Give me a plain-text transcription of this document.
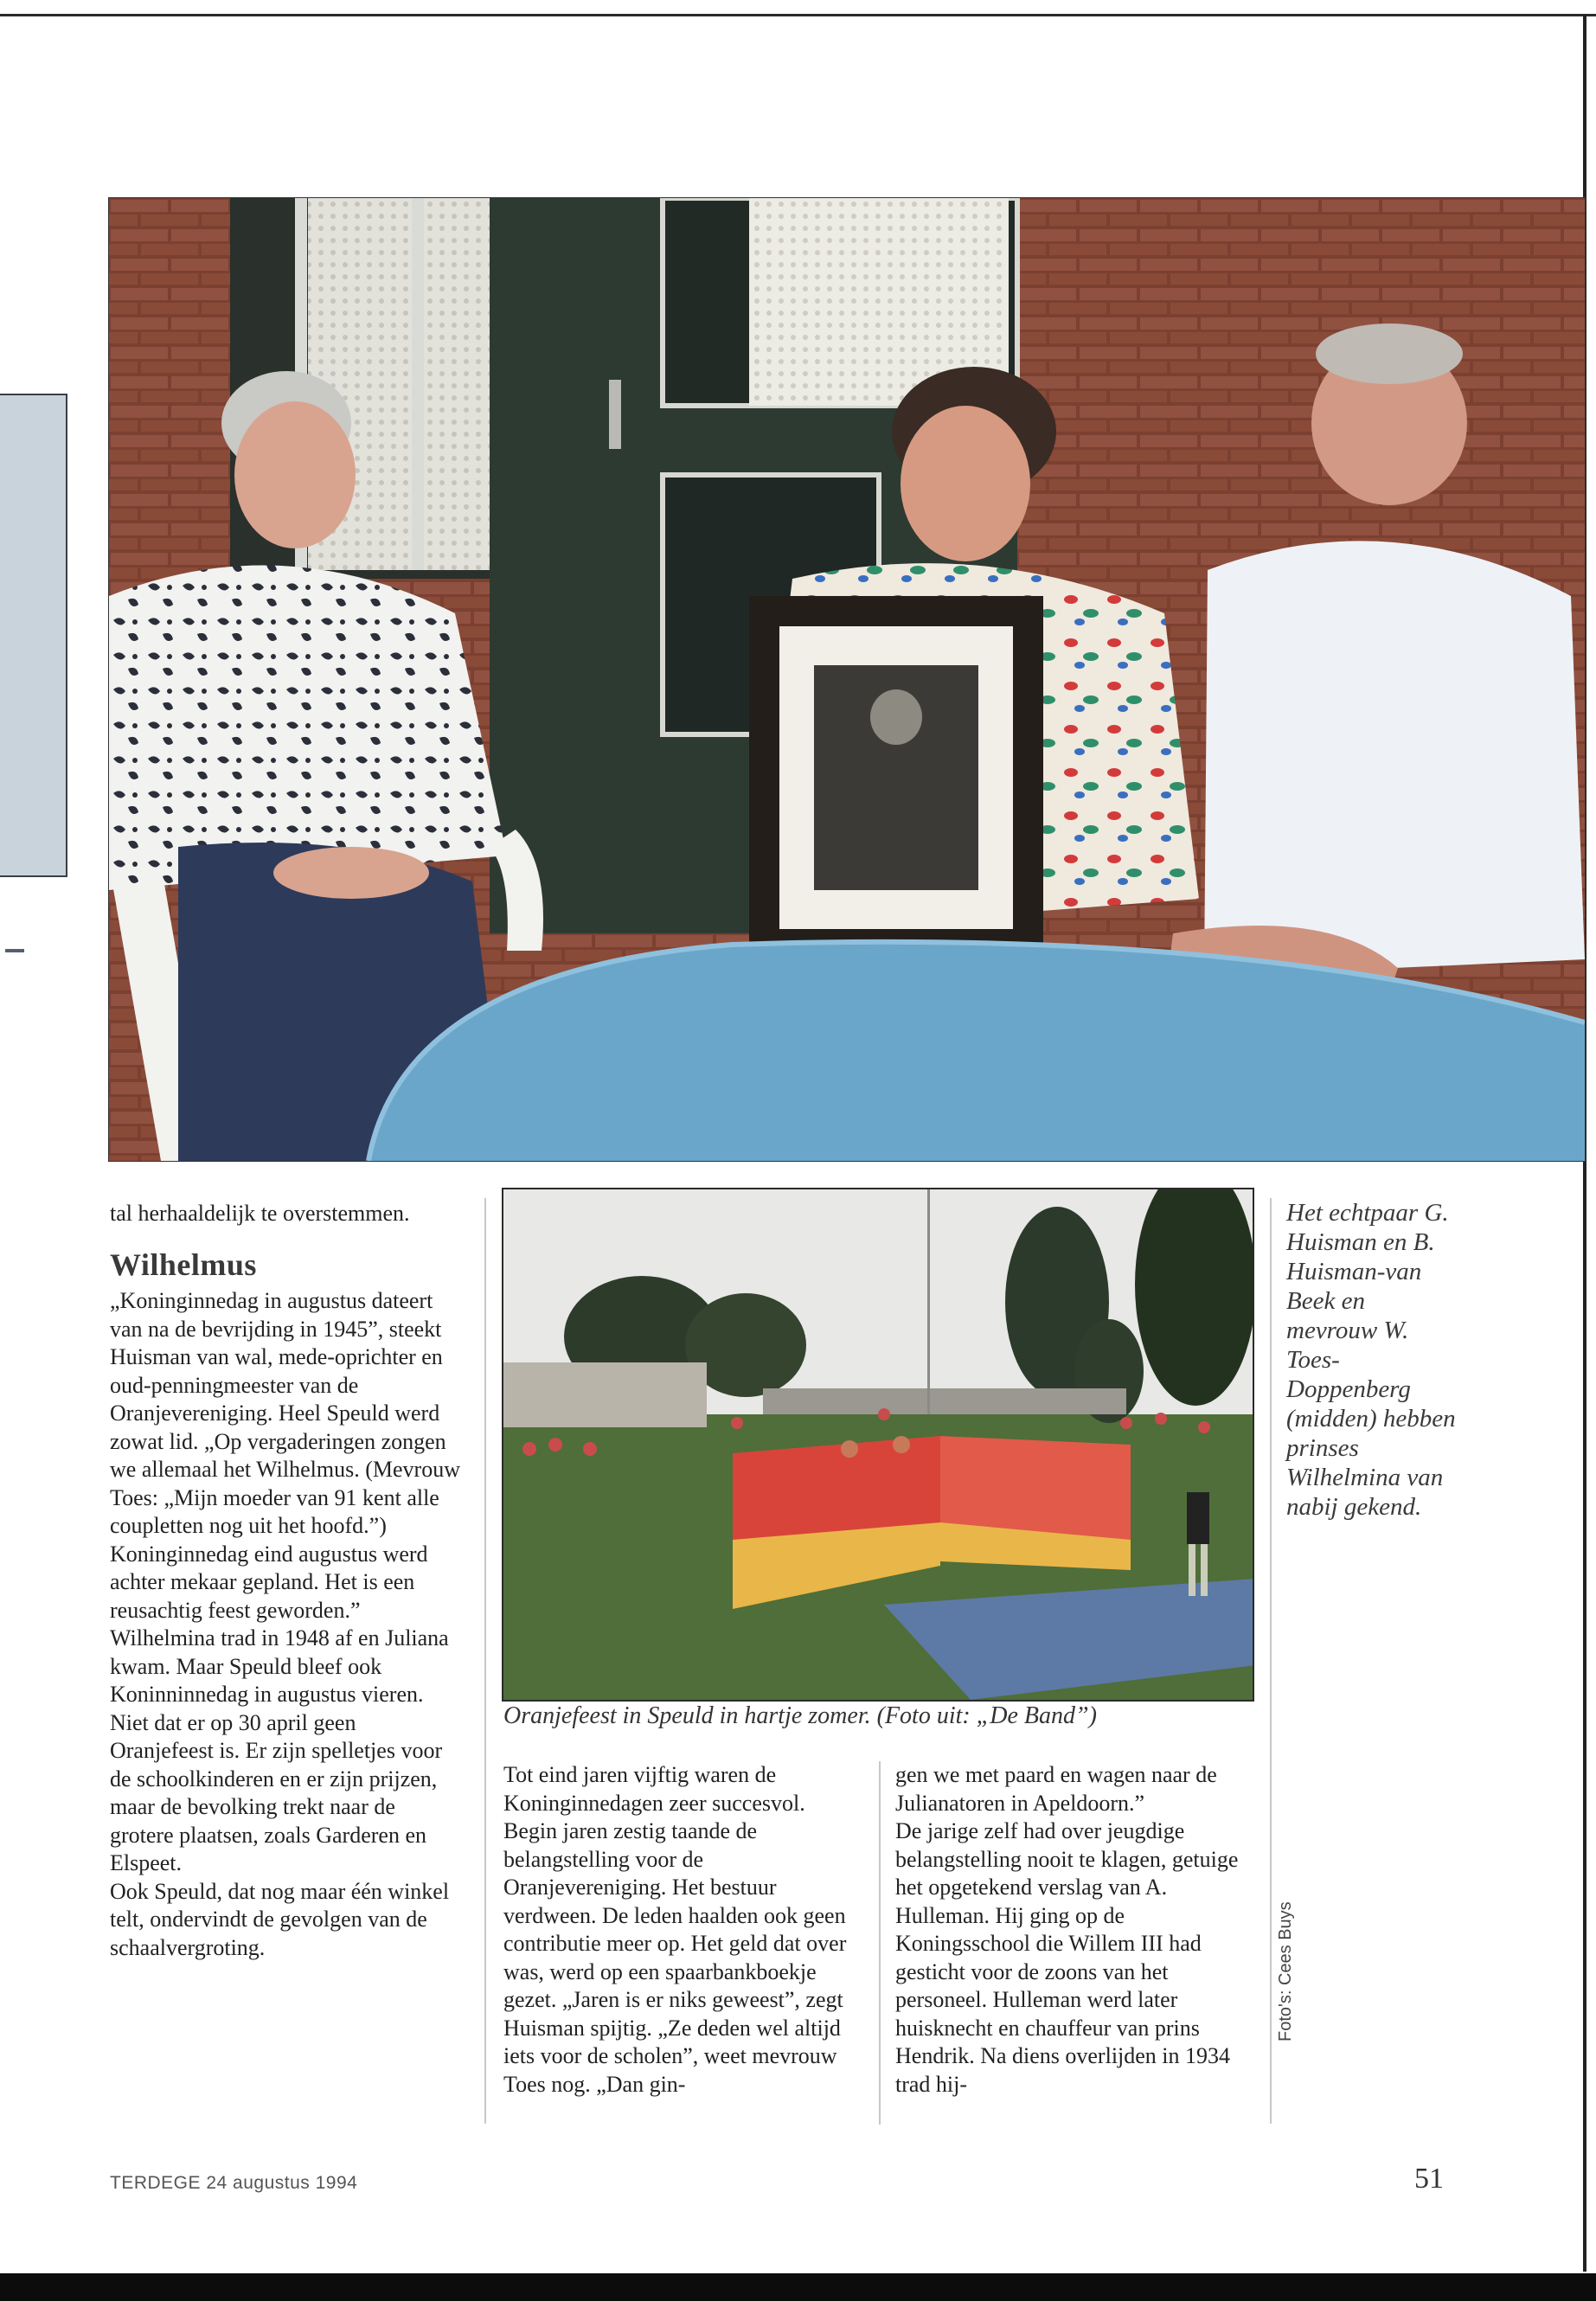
tal herhaaldelijk te overstemmen.

Wilhelmus

„Koninginnedag in augustus dateert van na de bevrijding in 1945”, steekt Huisman van wal, mede-oprichter en oud-penningmeester van de Oranjevereniging. Heel Speuld werd zowat lid. „Op vergaderingen zongen we allemaal het Wilhelmus. (Mevrouw Toes: „Mijn moeder van 91 kent alle coupletten nog uit het hoofd.”) Koninginnedag eind augustus werd achter mekaar gepland. Het is een reusachtig feest geworden.”

Wilhelmina trad in 1948 af en Juliana kwam. Maar Speuld bleef ook Koninninnedag in augustus vieren. Niet dat er op 30 april geen Oranjefeest is. Er zijn spelletjes voor de schoolkinderen en er zijn prijzen, maar de bevolking trekt naar de grotere plaatsen, zoals Garderen en Elspeet.

Ook Speuld, dat nog maar één winkel telt, ondervindt de gevolgen van de schaalvergroting.

Oranjefeest in Speuld in hartje zomer. (Foto uit: „De Band”)

Tot eind jaren vijftig waren de Koninginnedagen zeer succesvol. Begin jaren zestig taande de belangstelling voor de Oranjevereniging. Het bestuur verdween. De leden haalden ook geen contributie meer op. Het geld dat over was, werd op een spaarbankboekje gezet. „Jaren is er niks geweest”, zegt Huisman spijtig. „Ze deden wel altijd iets voor de scholen”, weet mevrouw Toes nog. „Dan gin-

gen we met paard en wagen naar de Julianatoren in Apeldoorn.”

De jarige zelf had over jeugdige belangstelling nooit te klagen, getuige het opgetekend verslag van A. Hulleman. Hij ging op de Koningsschool die Willem III had gesticht voor de zoons van het personeel. Hulleman werd later huisknecht en chauffeur van prins Hendrik. Na diens overlijden in 1934 trad hij-

Het echtpaar G. Huisman en B. Huisman-van Beek en mevrouw W. Toes-Doppenberg (midden) hebben prinses Wilhelmina van nabij gekend.
Foto's: Cees Buys
TERDEGE 24 augustus 1994	51
